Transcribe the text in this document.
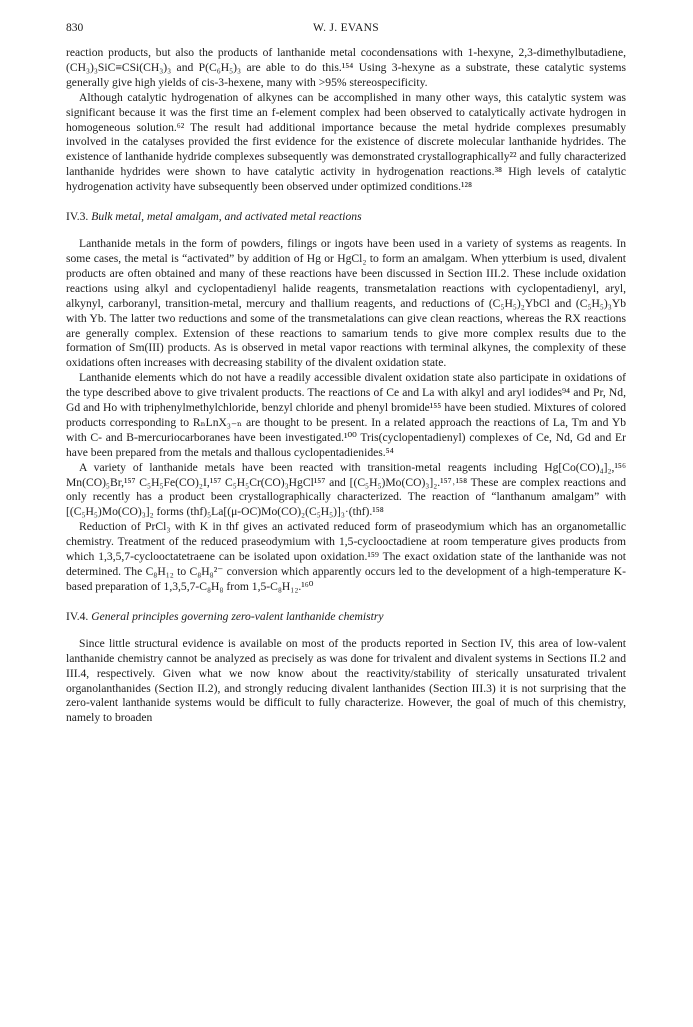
830	W. J. EVANS

reaction products, but also the products of lanthanide metal cocondensations with 1-hexyne, 2,3-dimethylbutadiene, (CH₃)₃SiC≡CSi(CH₃)₃ and P(C₆H₅)₃ are able to do this.¹⁵⁴ Using 3-hexyne as a substrate, these catalytic systems generally give high yields of cis-3-hexene, many with >95% stereospecificity.

Although catalytic hydrogenation of alkynes can be accomplished in many other ways, this catalytic system was significant because it was the first time an f-element complex had been observed to catalytically activate hydrogen in homogeneous solution.⁶² The result had additional importance because the metal hydride complexes presumably involved in the catalyses provided the first evidence for the existence of discrete molecular lanthanide hydrides. The existence of lanthanide hydride complexes subsequently was demonstrated crystallographically²² and fully characterized lanthanide hydrides were shown to have catalytic activity in hydrogenation reactions.³⁸ High levels of catalytic hydrogenation activity have subsequently been observed under optimized conditions.¹²⁸

IV.3. Bulk metal, metal amalgam, and activated metal reactions

Lanthanide metals in the form of powders, filings or ingots have been used in a variety of systems as reagents. In some cases, the metal is “activated” by addition of Hg or HgCl₂ to form an amalgam. When ytterbium is used, divalent products are often obtained and many of these reactions have been discussed in Section III.2. These include oxidation reactions using alkyl and cyclopentadienyl halide reagents, transmetalation reactions with cyclopentadienyl, aryl, alkynyl, carboranyl, transition-metal, mercury and thallium reagents, and reductions of (C₅H₅)₂YbCl and (C₅H₅)₃Yb with Yb. The latter two reductions and some of the transmetalations can give clean reactions, whereas the RX reactions are generally complex. Extension of these reactions to samarium tends to give more complex results due to the formation of Sm(III) products. As is observed in metal vapor reactions with terminal alkynes, the complexity of these oxidations often increases with decreasing stability of the divalent oxidation state.

Lanthanide elements which do not have a readily accessible divalent oxidation state also participate in oxidations of the type described above to give trivalent products. The reactions of Ce and La with alkyl and aryl iodides⁹⁴ and Pr, Nd, Gd and Ho with triphenylmethylchloride, benzyl chloride and phenyl bromide¹⁵⁵ have been studied. Mixtures of colored products corresponding to RₙLnX₃₋ₙ are thought to be present. In a related approach the reactions of La, Tm and Yb with C- and B-mercuriocarboranes have been investigated.¹⁰⁰ Tris(cyclopentadienyl) complexes of Ce, Nd, Gd and Er have been prepared from the metals and thallous cyclopentadienides.⁵⁴

A variety of lanthanide metals have been reacted with transition-metal reagents including Hg[Co(CO)₄]₂,¹⁵⁶ Mn(CO)₅Br,¹⁵⁷ C₅H₅Fe(CO)₂I,¹⁵⁷ C₅H₅Cr(CO)₃HgCl¹⁵⁷ and [(C₅H₅)Mo(CO)₃]₂.¹⁵⁷˒¹⁵⁸ These are complex reactions and only recently has a product been crystallographically characterized. The reaction of “lanthanum amalgam” with [(C₅H₅)Mo(CO)₃]₂ forms (thf)₅La[(μ-OC)Mo(CO)₂(C₅H₅)]₃·(thf).¹⁵⁸

Reduction of PrCl₃ with K in thf gives an activated reduced form of praseodymium which has an organometallic chemistry. Treatment of the reduced praseodymium with 1,5-cyclooctadiene at room temperature gives products from which 1,3,5,7-cyclooctatetraene can be isolated upon oxidation.¹⁵⁹ The exact oxidation state of the lanthanide was not determined. The C₈H₁₂ to C₈H₈²⁻ conversion which apparently occurs led to the development of a high-temperature K-based preparation of 1,3,5,7-C₈H₈ from 1,5-C₈H₁₂.¹⁶⁰

IV.4. General principles governing zero-valent lanthanide chemistry

Since little structural evidence is available on most of the products reported in Section IV, this area of low-valent lanthanide chemistry cannot be analyzed as precisely as was done for trivalent and divalent systems in Sections II.2 and III.4, respectively. Given what we now know about the reactivity/stability of sterically unsaturated trivalent organolanthanides (Section II.2), and strongly reducing divalent lanthanides (Section III.3) it is not surprising that the zero-valent lanthanide systems would be difficult to fully characterize. However, the goal of much of this chemistry, namely to broaden
